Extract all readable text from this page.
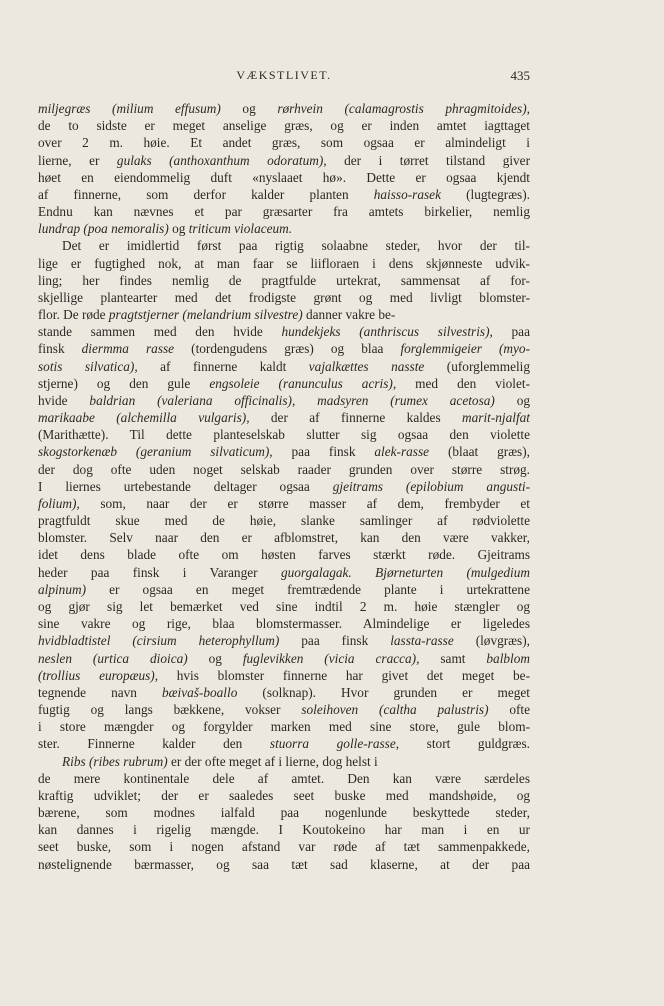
VÆKSTLIVET.	435
miljegræs (milium effusum) og rørhvein (calamagrostis phragmitoides),
de to sidste er meget anselige græs, og er inden amtet iagttaget
over 2 m. høie. Et andet græs, som ogsaa er almindeligt i
lierne, er gulaks (anthoxanthum odoratum), der i tørret tilstand giver
høet en eiendommelig duft «nyslaaet hø». Dette er ogsaa kjendt
af finnerne, som derfor kalder planten haisso-rasek (lugtegræs).
Endnu kan nævnes et par græsarter fra amtets birkelier, nemlig
lundrap (poa nemoralis) og triticum violaceum.
Det er imidlertid først paa rigtig solaabne steder, hvor der til-
lige er fugtighed nok, at man faar se liifloraen i dens skjønneste udvik-
ling; her findes nemlig de pragtfulde urtekrat, sammensat af for-
skjellige plantearter med det frodigste grønt og med livligt blomster-
flor. De røde pragtstjerner (melandrium silvestre) danner vakre be-
stande sammen med den hvide hundekjeks (anthriscus silvestris), paa
finsk diermma rasse (tordengudens græs) og blaa forglemmigeier (myo-
sotis silvatica), af finnerne kaldt vajalkættes nasste (uforglemmelig
stjerne) og den gule engsoleie (ranunculus acris), med den violet-
hvide baldrian (valeriana officinalis), madsyren (rumex acetosa) og
marikaabe (alchemilla vulgaris), der af finnerne kaldes marit-njalfat
(Marithætte). Til dette planteselskab slutter sig ogsaa den violette
skogstorkenæb (geranium silvaticum), paa finsk alek-rasse (blaat græs),
der dog ofte uden noget selskab raader grunden over større strøg.
I liernes urtebestande deltager ogsaa gjeitrams (epilobium angusti-
folium), som, naar der er større masser af dem, frembyder et
pragtfuldt skue med de høie, slanke samlinger af rødviolette
blomster. Selv naar den er afblomstret, kan den være vakker,
idet dens blade ofte om høsten farves stærkt røde. Gjeitrams
heder paa finsk i Varanger guorgalagak. Bjørneturten (mulgedium
alpinum) er ogsaa en meget fremtrædende plante i urtekrattene
og gjør sig let bemærket ved sine indtil 2 m. høie stængler og
sine vakre og rige, blaa blomstermasser. Almindelige er ligeledes
hvidbladtistel (cirsium heterophyllum) paa finsk lassta-rasse (løvgræs),
neslen (urtica dioica) og fuglevikken (vicia cracca), samt balblom
(trollius europæus), hvis blomster finnerne har givet det meget be-
tegnende navn bæivaš-boallo (solknap). Hvor grunden er meget
fugtig og langs bækkene, vokser soleihoven (caltha palustris) ofte
i store mængder og forgylder marken med sine store, gule blom-
ster. Finnerne kalder den stuorra golle-rasse, stort guldgræs.
Ribs (ribes rubrum) er der ofte meget af i lierne, dog helst i
de mere kontinentale dele af amtet. Den kan være særdeles
kraftig udviklet; der er saaledes seet buske med mandshøide, og
bærene, som modnes ialfald paa nogenlunde beskyttede steder,
kan dannes i rigelig mængde. I Koutokeino har man i en ur
seet buske, som i nogen afstand var røde af tæt sammenpakkede,
nøstelignende bærmasser, og saa tæt sad klaserne, at der paa
